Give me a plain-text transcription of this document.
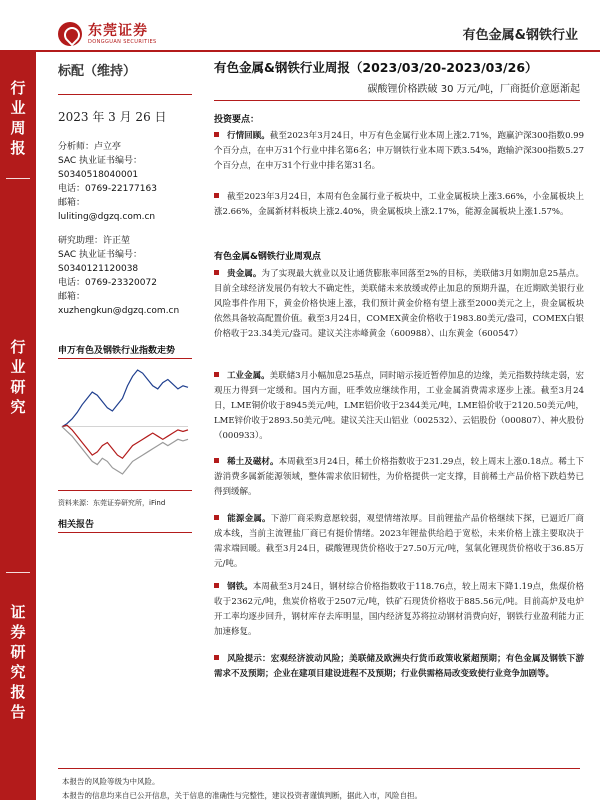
东莞证券
DONGGUAN SECURITIES	有色金属&钢铁行业
行
业
周
报
行
业
研
究
证
券
研
究
报
告
标配（维持）
2023 年 3 月 26 日
分析师：卢立亭
SAC 执业证书编号：
S0340518040001
电话：0769-22177163
邮箱：
luliting@dgzq.com.cn
研究助理：许正堃
SAC 执业证书编号：
S0340121120038
电话：0769-23320072
邮箱：
xuzhengkun@dgzq.com.cn
申万有色及钢铁行业指数走势
资料来源：东莞证券研究所，iFind
相关报告
有色金属&钢铁行业周报（2023/03/20-2023/03/26）
碳酸锂价格跌破 30 万元/吨，厂商挺价意愿渐起
投资要点：
行情回顾。截至2023年3月24日，申万有色金属行业本周上涨2.71%，跑赢沪深300指数0.99个百分点，在申万31个行业中排名第6名；申万钢铁行业本周下跌3.54%，跑输沪深300指数5.27个百分点，在申万31个行业中排名第31名。
截至2023年3月24日，本周有色金属行业子板块中，工业金属板块上涨3.66%，小金属板块上涨2.66%，金属新材料板块上涨2.40%，贵金属板块上涨2.17%，能源金属板块上涨1.57%。
有色金属&钢铁行业周观点
贵金属。为了实现最大就业以及让通货膨胀率回落至2%的目标，美联储3月如期加息25基点。目前全球经济发展仍有较大不确定性，美联储未来放缓或停止加息的预期升温，在近期欧美银行业风险事件作用下，黄金价格快速上涨，我们预计黄金价格有望上涨至2000美元之上，贵金属板块依然具备较高配置价值。截至3月24日，COMEX黄金价格收于1983.80美元/盎司，COMEX白银价格收于23.34美元/盎司。建议关注赤峰黄金（600988）、山东黄金（600547）
工业金属。美联储3月小幅加息25基点，同时暗示接近暂停加息的边缘，美元指数持续走弱，宏观压力得到一定缓和。国内方面，旺季效应继续作用，工业金属消费需求逐步上涨。截至3月24日，LME铜价收于8945美元/吨，LME铝价收于2344美元/吨，LME铅价收于2120.50美元/吨，LME锌价收于2893.50美元/吨。建议关注天山铝业（002532）、云铝股份（000807）、神火股份（000933）。
稀土及磁材。本周截至3月24日，稀土价格指数收于231.29点，较上周末上涨0.18点。稀土下游消费多属新能源领域，整体需求依旧韧性，为价格提供一定支撑，目前稀土产品价格下跌趋势已得到缓解。
能源金属。下游厂商采购意愿较弱，观望情绪浓厚。目前锂盐产品价格继续下探，已逼近厂商成本线，当前主流锂盐厂商已有挺价情绪。2023年锂盐供给趋于宽松，未来价格上涨主要取决于需求端回暖。截至3月24日，碳酸锂现货价格收于27.50万元/吨，氢氧化锂现货价格收于36.85万元/吨。
钢铁。本周截至3月24日，钢材综合价格指数收于118.76点，较上周末下降1.19点，焦煤价格收于2362元/吨，焦炭价格收于2507元/吨，铁矿石现货价格收于885.56元/吨。目前高炉及电炉开工率均逐步回升，钢材库存去库明显，国内经济复苏将拉动钢材消费向好，钢铁行业盈利能力正加速修复。
风险提示：宏观经济波动风险；美联储及欧洲央行货币政策收紧超预期；有色金属及钢铁下游需求不及预期；企业在建项目建设进程不及预期；行业供需格局改变致使行业竞争加剧等。
本报告的风险等级为中风险。
本报告的信息均来自已公开信息，关于信息的准确性与完整性，建议投资者谨慎判断，据此入市，风险自担。
